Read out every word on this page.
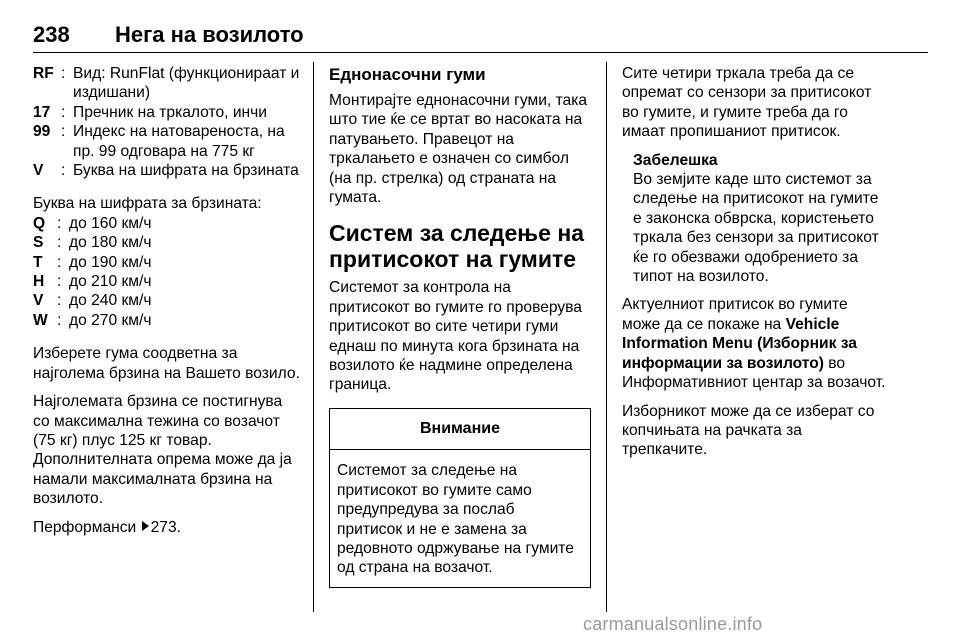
238 Нега на возилото
RF : Вид: RunFlat (функционираат и издишани)
17 : Пречник на тркалото, инчи
99 : Индекс на натовареноста, на пр. 99 одговара на 775 кг
V	: Буква на шифрата на брзината

Буква на шифрата за брзината:

Q : до 160 км/ч
S : до 180 км/ч
T : до 190 км/ч
H : до 210 км/ч
V : до 240 км/ч
W : до 270 км/ч

Изберете гума соодветна за најголема брзина на Вашето возило.

Најголемата брзина се постигнува со максимална тежина со возачот (75 кг) плус 125 кг товар. Дополнителната опрема може да ја намали максималната брзина на возилото.

Перформанси 273.

Еднонасочни гуми

Монтирајте еднонасочни гуми, така што тие ќе се вртат во насоката на патувањето. Правецот на тркалањето е означен со симбол (на пр. стрелка) од страната на гумата.

Систем за следење на притисокот на гумите

Системот за контрола на притисокот во гумите го проверува притисокот во сите четири гуми еднаш по минута кога брзината на возилото ќе надмине определена граница.

Внимание
Системот за следење на притисокот во гумите само предупредува за послаб притисок и не е замена за редовното одржување на гумите од страна на возачот.

Сите четири тркала треба да се опремат со сензори за притисокот во гумите, и гумите треба да го имаат пропишаниот притисок.

Забелешка
Во земјите каде што системот за следење на притисокот на гумите е законска обврска, користењето тркала без сензори за притисокот ќе го обезважи одобрението за типот на возилото.

Актуелниот притисок во гумите може да се покаже на Vehicle Information Menu (Изборник за информации за возилото) во Информативниот центар за возачот.

Изборникот може да се изберат со копчињата на рачката за трепкачите.

carmanualsonline.info
